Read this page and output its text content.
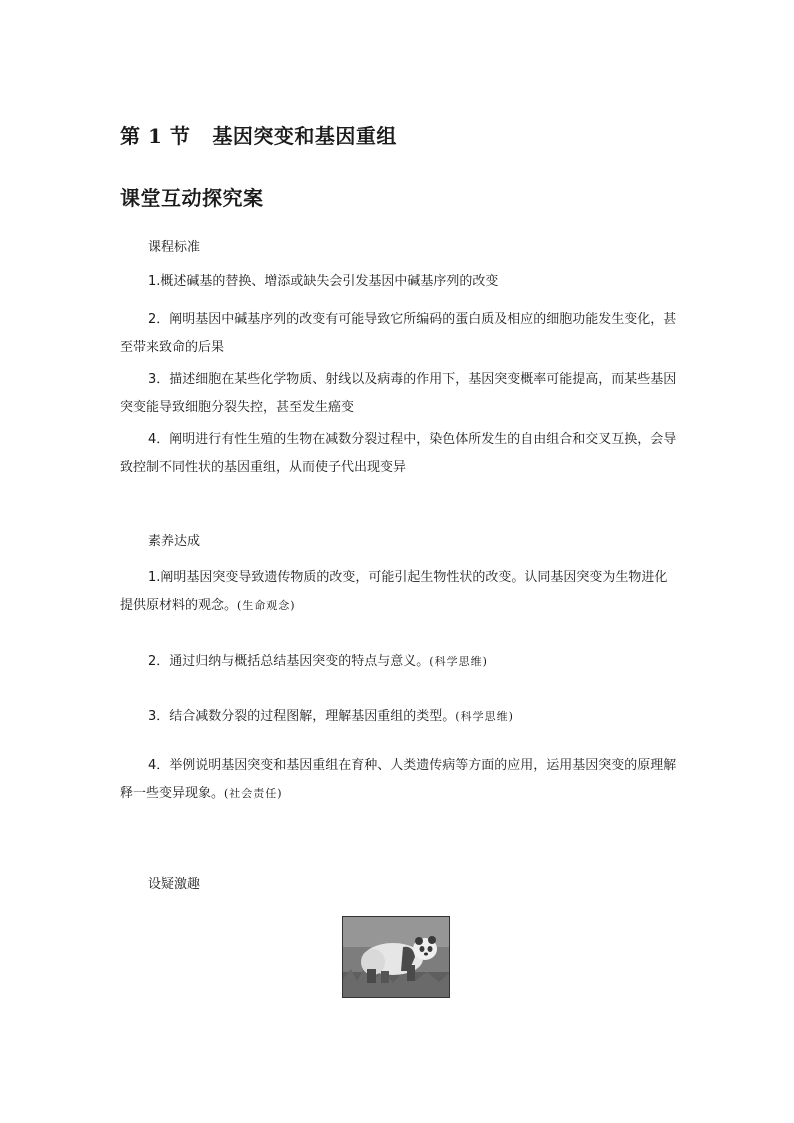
第 1 节 基因突变和基因重组
课堂互动探究案
课程标准

1.概述碱基的替换、增添或缺失会引发基因中碱基序列的改变

2．阐明基因中碱基序列的改变有可能导致它所编码的蛋白质及相应的细胞功能发生变化，甚至带来致命的后果

3．描述细胞在某些化学物质、射线以及病毒的作用下，基因突变概率可能提高，而某些基因突变能导致细胞分裂失控，甚至发生癌变

4．阐明进行有性生殖的生物在减数分裂过程中，染色体所发生的自由组合和交叉互换，会导致控制不同性状的基因重组，从而使子代出现变异

素养达成

1.阐明基因突变导致遗传物质的改变，可能引起生物性状的改变。认同基因突变为生物进化提供原材料的观念。(生命观念)

2．通过归纳与概括总结基因突变的特点与意义。(科学思维)

3．结合减数分裂的过程图解，理解基因重组的类型。(科学思维)

4．举例说明基因突变和基因重组在育种、人类遗传病等方面的应用，运用基因突变的原理解释一些变异现象。(社会责任)

设疑激趣
